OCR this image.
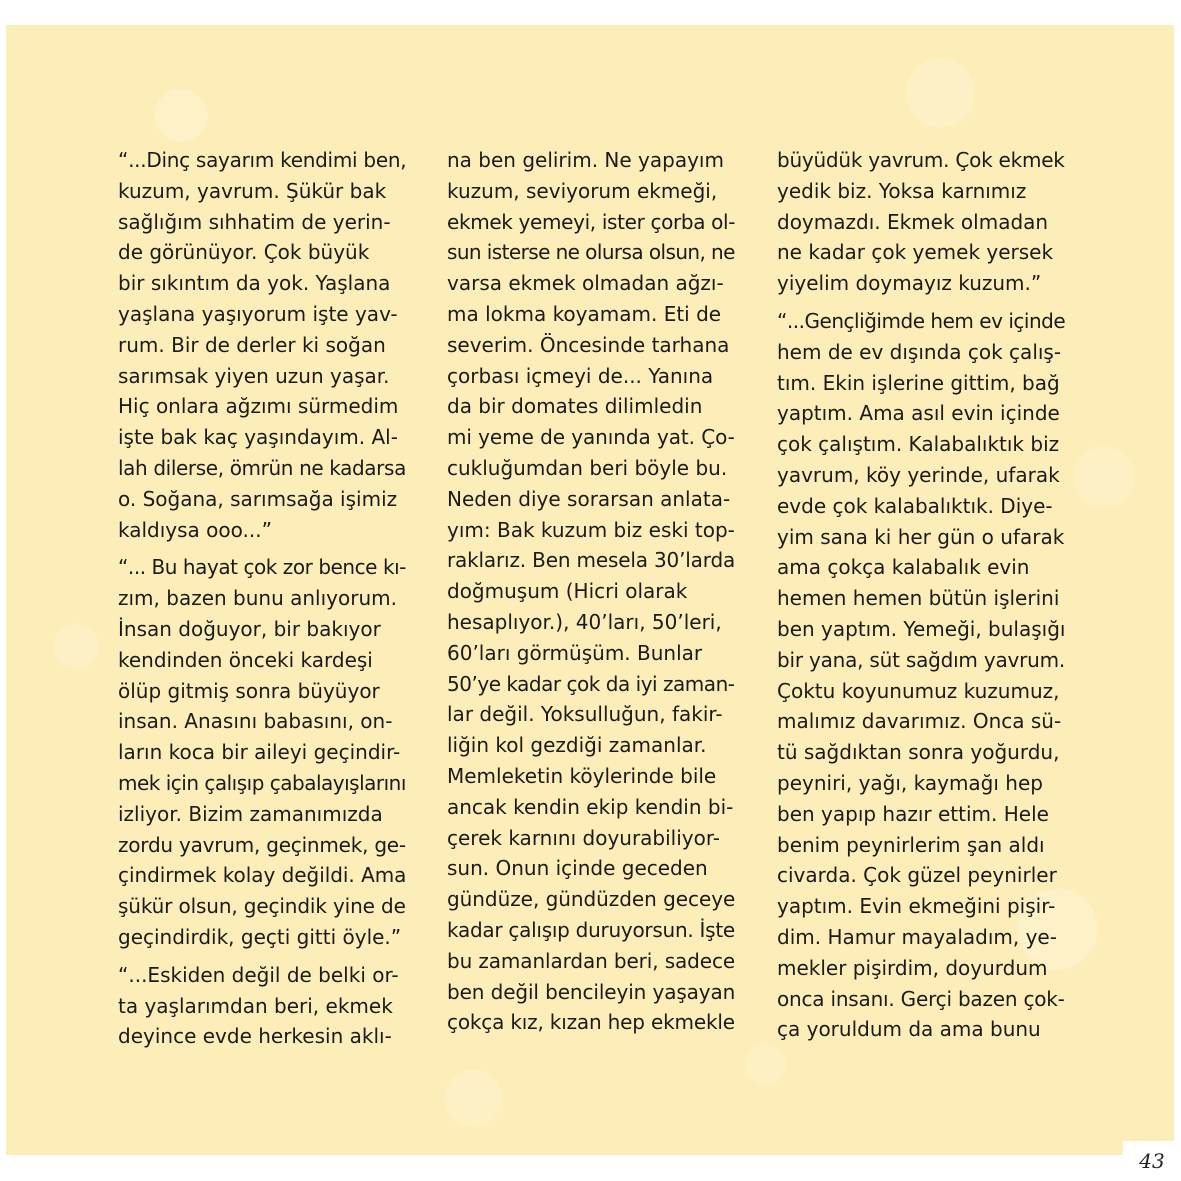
“...Dinç sayarım kendimi ben,
kuzum, yavrum. Şükür bak
sağlığım sıhhatim de yerin-
de görünüyor. Çok büyük
bir sıkıntım da yok. Yaşlana
yaşlana yaşıyorum işte yav-
rum. Bir de derler ki soğan
sarımsak yiyen uzun yaşar.
Hiç onlara ağzımı sürmedim
işte bak kaç yaşındayım. Al-
lah dilerse, ömrün ne kadarsa
o. Soğana, sarımsağa işimiz
kaldıysa ooo...”
“... Bu hayat çok zor bence kı-
zım, bazen bunu anlıyorum.
İnsan doğuyor, bir bakıyor
kendinden önceki kardeşi
ölüp gitmiş sonra büyüyor
insan. Anasını babasını, on-
ların koca bir aileyi geçindir-
mek için çalışıp çabalayışlarını
izliyor. Bizim zamanımızda
zordu yavrum, geçinmek, ge-
çindirmek kolay değildi. Ama
şükür olsun, geçindik yine de
geçindirdik, geçti gitti öyle.”
“...Eskiden değil de belki or-
ta yaşlarımdan beri, ekmek
deyince evde herkesin aklı-
na ben gelirim. Ne yapayım
kuzum, seviyorum ekmeği,
ekmek yemeyi, ister çorba ol-
sun isterse ne olursa olsun, ne
varsa ekmek olmadan ağzı-
ma lokma koyamam. Eti de
severim. Öncesinde tarhana
çorbası içmeyi de... Yanına
da bir domates dilimledin
mi yeme de yanında yat. Ço-
cukluğumdan beri böyle bu.
Neden diye sorarsan anlata-
yım: Bak kuzum biz eski top-
raklarız. Ben mesela 30’larda
doğmuşum (Hicri olarak
hesaplıyor.), 40’ları, 50’leri,
60’ları görmüşüm. Bunlar
50’ye kadar çok da iyi zaman-
lar değil. Yoksulluğun, fakir-
liğin kol gezdiği zamanlar.
Memleketin köylerinde bile
ancak kendin ekip kendin bi-
çerek karnını doyurabiliyor-
sun. Onun içinde geceden
gündüze, gündüzden geceye
kadar çalışıp duruyorsun. İşte
bu zamanlardan beri, sadece
ben değil bencileyin yaşayan
çokça kız, kızan hep ekmekle
büyüdük yavrum. Çok ekmek
yedik biz. Yoksa karnımız
doymazdı. Ekmek olmadan
ne kadar çok yemek yersek
yiyelim doymayız kuzum.”
“...Gençliğimde hem ev içinde
hem de ev dışında çok çalış-
tım. Ekin işlerine gittim, bağ
yaptım. Ama asıl evin içinde
çok çalıştım. Kalabalıktık biz
yavrum, köy yerinde, ufarak
evde çok kalabalıktık. Diye-
yim sana ki her gün o ufarak
ama çokça kalabalık evin
hemen hemen bütün işlerini
ben yaptım. Yemeği, bulaşığı
bir yana, süt sağdım yavrum.
Çoktu koyunumuz kuzumuz,
malımız davarımız. Onca sü-
tü sağdıktan sonra yoğurdu,
peyniri, yağı, kaymağı hep
ben yapıp hazır ettim. Hele
benim peynirlerim şan aldı
civarda. Çok güzel peynirler
yaptım. Evin ekmeğini pişir-
dim. Hamur mayaladım, ye-
mekler pişirdim, doyurdum
onca insanı. Gerçi bazen çok-
ça yoruldum da ama bunu
43
